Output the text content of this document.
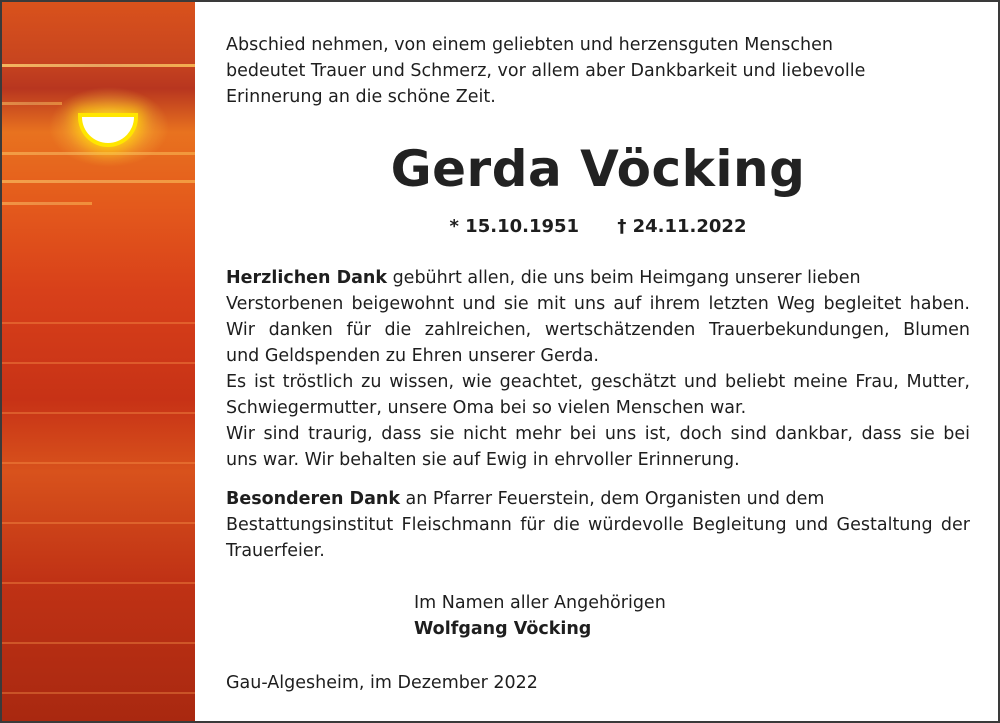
Abschied nehmen, von einem geliebten und herzensguten Menschen
bedeutet Trauer und Schmerz, vor allem aber Dankbarkeit und liebevolle
Erinnerung an die schöne Zeit.
Gerda Vöcking
* 15.10.1951 † 24.11.2022
Herzlichen Dank gebührt allen, die uns beim Heimgang unserer lieben
Verstorbenen beigewohnt und sie mit uns auf ihrem letzten Weg begleitet haben.
Wir danken für die zahlreichen, wertschätzenden Trauerbekundungen, Blumen
und Geldspenden zu Ehren unserer Gerda.
Es ist tröstlich zu wissen, wie geachtet, geschätzt und beliebt meine Frau, Mutter,
Schwiegermutter, unsere Oma bei so vielen Menschen war.
Wir sind traurig, dass sie nicht mehr bei uns ist, doch sind dankbar, dass sie bei
uns war. Wir behalten sie auf Ewig in ehrvoller Erinnerung.
Besonderen Dank an Pfarrer Feuerstein, dem Organisten und dem
Bestattungsinstitut Fleischmann für die würdevolle Begleitung und Gestaltung der
Trauerfeier.
Im Namen aller Angehörigen
Wolfgang Vöcking
Gau-Algesheim, im Dezember 2022
